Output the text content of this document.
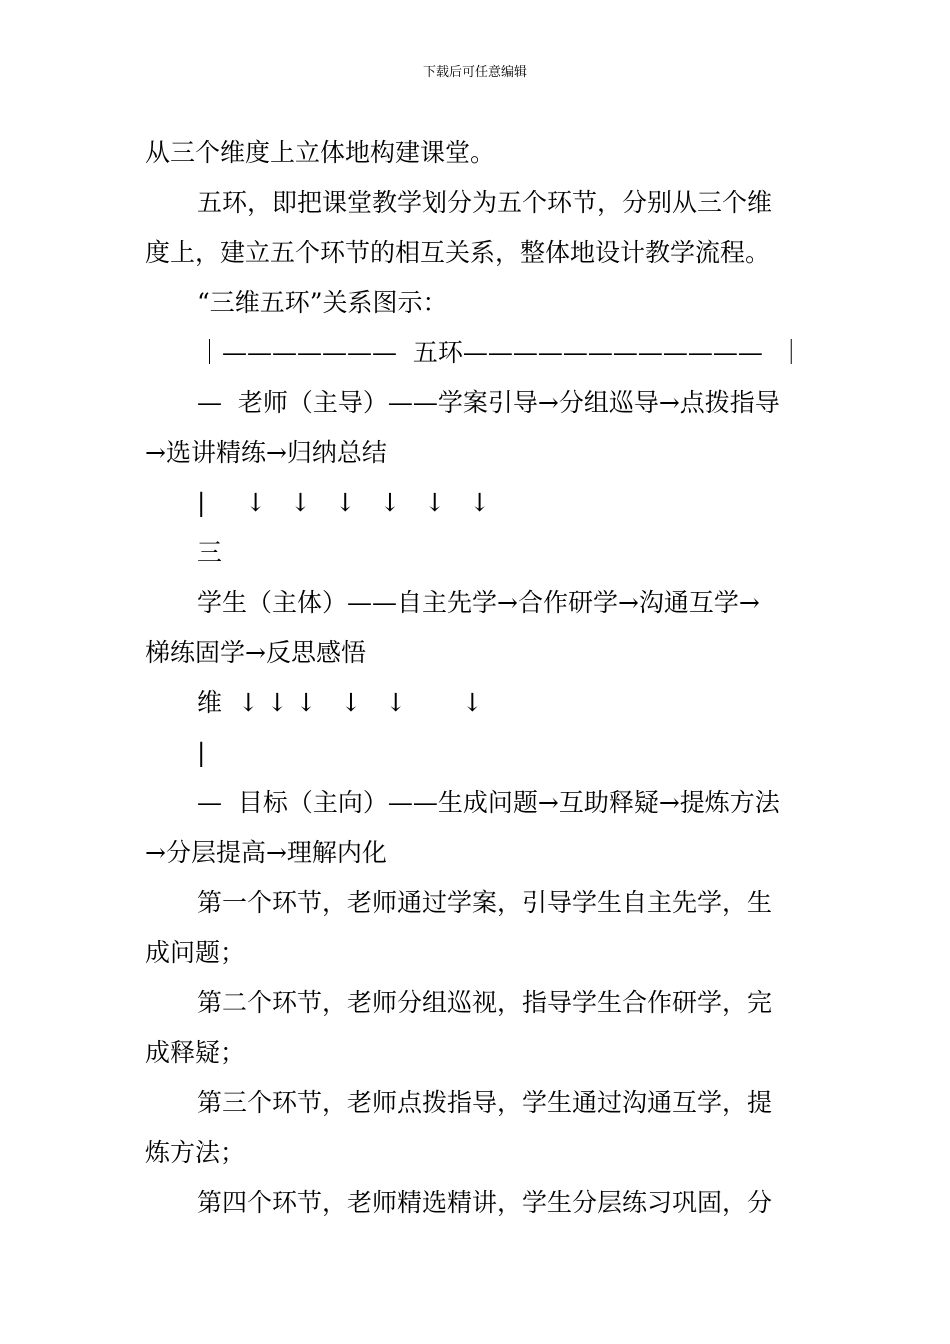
下载后可任意编辑
从三个维度上立体地构建课堂。
五环，即把课堂教学划分为五个环节，分别从三个维
度上，建立五个环节的相互关系，整体地设计教学流程。
“三维五环”关系图示：
｜———————  五环————————————  ｜
—  老师（主导）——学案引导→分组巡导→点拨指导
→选讲精练→归纳总结
|     ↓   ↓   ↓   ↓   ↓   ↓
三
学生（主体）——自主先学→合作研学→沟通互学→
梯练固学→反思感悟
维  ↓ ↓ ↓   ↓   ↓       ↓
|
—  目标（主向）——生成问题→互助释疑→提炼方法
→分层提高→理解内化
第一个环节，老师通过学案，引导学生自主先学，生
成问题；
第二个环节，老师分组巡视，指导学生合作研学，完
成释疑；
第三个环节，老师点拨指导，学生通过沟通互学，提
炼方法；
第四个环节，老师精选精讲，学生分层练习巩固，分
